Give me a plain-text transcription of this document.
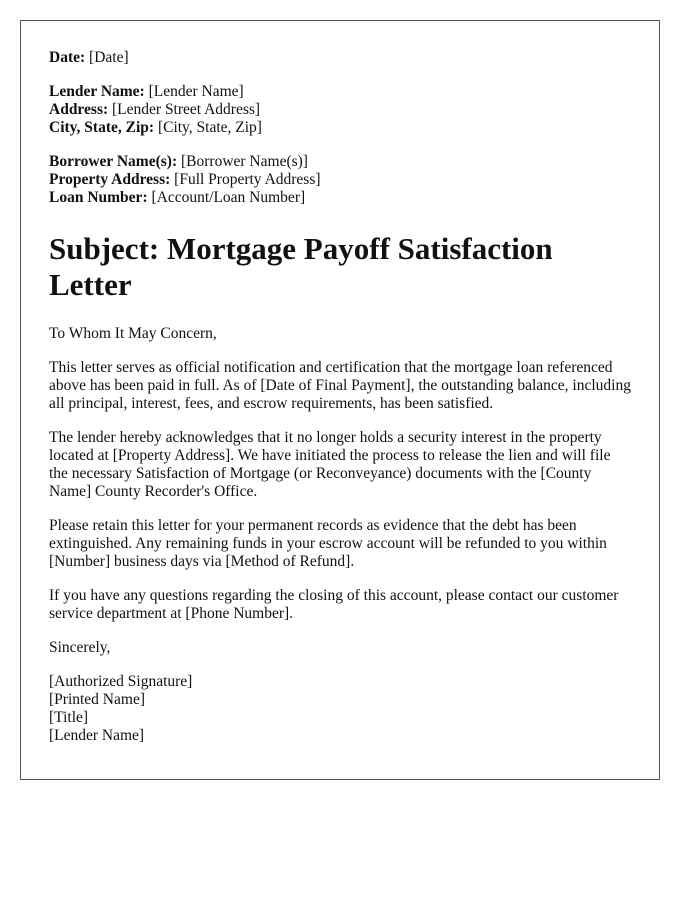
Date: [Date]

Lender Name: [Lender Name]
Address: [Lender Street Address]
City, State, Zip: [City, State, Zip]
Borrower Name(s): [Borrower Name(s)]
Property Address: [Full Property Address]
Loan Number: [Account/Loan Number]
Subject: Mortgage Payoff Satisfaction Letter

To Whom It May Concern,

This letter serves as official notification and certification that the mortgage loan referenced above has been paid in full. As of [Date of Final Payment], the outstanding balance, including all principal, interest, fees, and escrow requirements, has been satisfied.

The lender hereby acknowledges that it no longer holds a security interest in the property located at [Property Address]. We have initiated the process to release the lien and will file the necessary Satisfaction of Mortgage (or Reconveyance) documents with the [County Name] County Recorder's Office.

Please retain this letter for your permanent records as evidence that the debt has been extinguished. Any remaining funds in your escrow account will be refunded to you within [Number] business days via [Method of Refund].

If you have any questions regarding the closing of this account, please contact our customer service department at [Phone Number].

Sincerely,

[Authorized Signature]
[Printed Name]
[Title]
[Lender Name]
